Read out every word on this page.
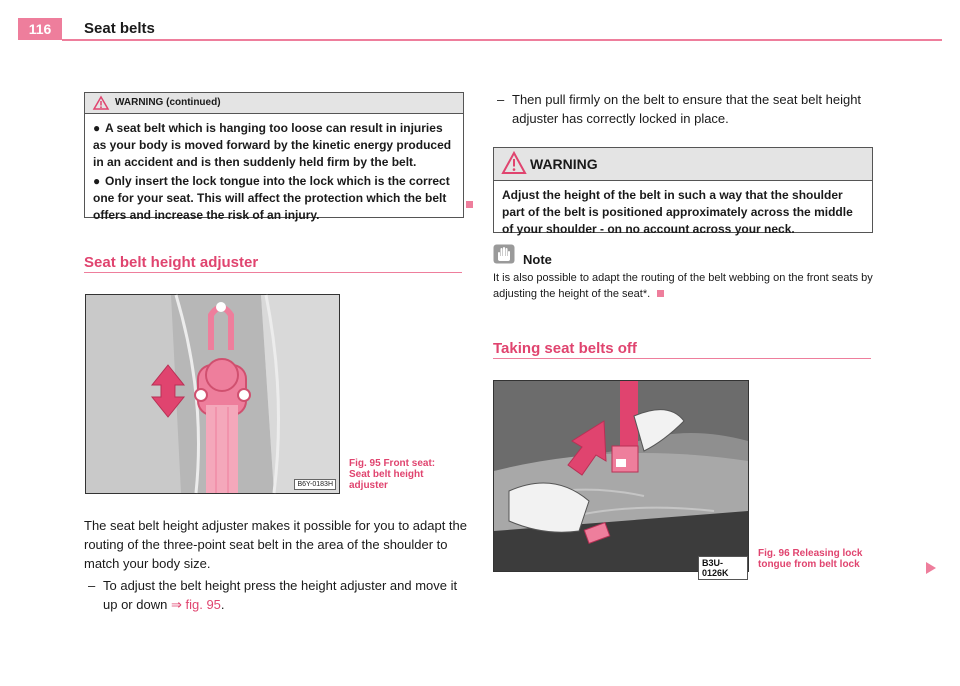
116	Seat belts
WARNING (continued)
● A seat belt which is hanging too loose can result in injuries as your body is moved forward by the kinetic energy produced in an accident and is then suddenly held firm by the belt.
● Only insert the lock tongue into the lock which is the correct one for your seat. This will affect the protection which the belt offers and increase the risk of an injury.
Seat belt height adjuster
B6Y-0183H
Fig. 95 Front seat:
Seat belt height
adjuster
The seat belt height adjuster makes it possible for you to adapt the routing of the three-point seat belt in the area of the shoulder to match your body size.
– To adjust the belt height press the height adjuster and move it up or down ⇒ fig. 95.
– Then pull firmly on the belt to ensure that the seat belt height adjuster has correctly locked in place.
WARNING
Adjust the height of the belt in such a way that the shoulder part of the belt is positioned approximately across the middle of your shoulder - on no account across your neck.
Note
It is also possible to adapt the routing of the belt webbing on the front seats by adjusting the height of the seat*.
Taking seat belts off
B3U-0126K
Fig. 96 Releasing lock
tongue from belt lock
